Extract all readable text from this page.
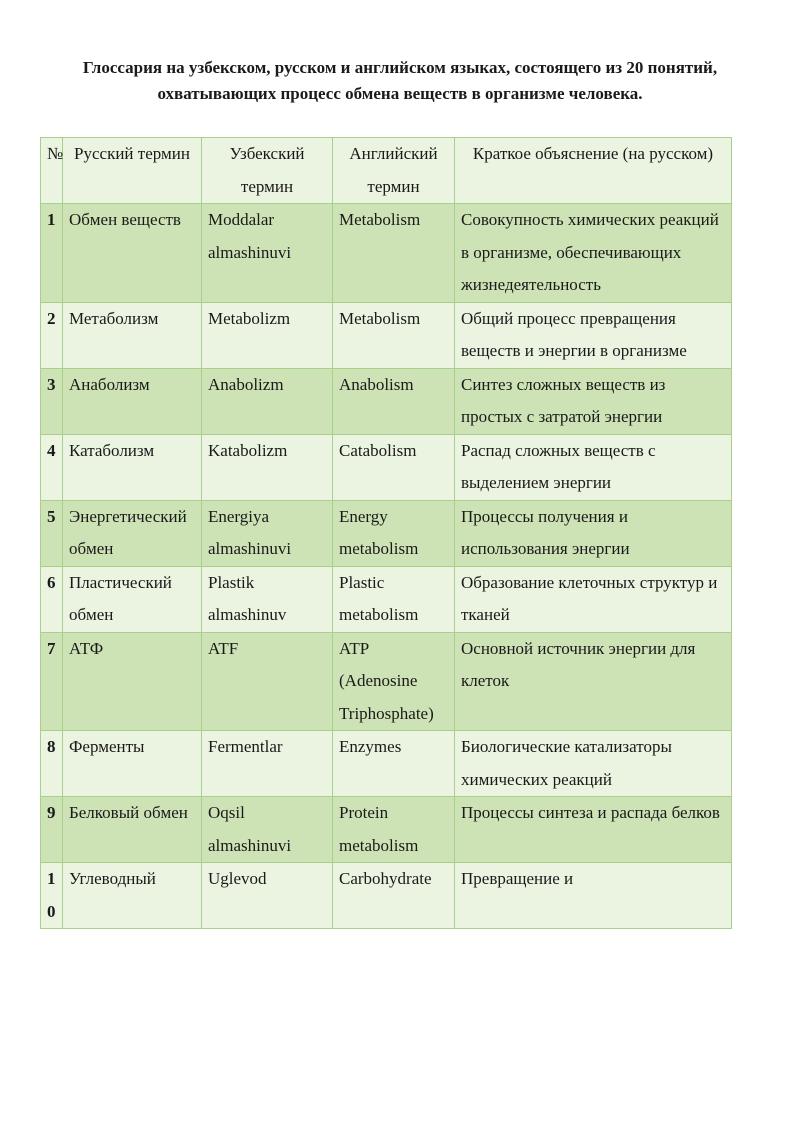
Глоссария на узбекском, русском и английском языках, состоящего из 20 понятий, охватывающих процесс обмена веществ в организме человека.
№	Русский термин	Узбекский термин	Английский термин	Краткое объяснение (на русском)
1	Обмен веществ	Moddalar almashinuvi	Metabolism	Совокупность химических реакций в организме, обеспечивающих жизнедеятельность
2	Метаболизм	Metabolizm	Metabolism	Общий процесс превращения веществ и энергии в организме
3	Анаболизм	Anabolizm	Anabolism	Синтез сложных веществ из простых с затратой энергии
4	Катаболизм	Katabolizm	Catabolism	Распад сложных веществ с выделением энергии
5	Энергетический обмен	Energiya almashinuvi	Energy metabolism	Процессы получения и использования энергии
6	Пластический обмен	Plastik almashinuv	Plastic metabolism	Образование клеточных структур и тканей
7	АТФ	ATF	ATP (Adenosine Triphosphate)	Основной источник энергии для клеток
8	Ферменты	Fermentlar	Enzymes	Биологические катализаторы химических реакций
9	Белковый обмен	Oqsil almashinuvi	Protein metabolism	Процессы синтеза и распада белков
10	Углеводный	Uglevod	Carbohydrate	Превращение и
